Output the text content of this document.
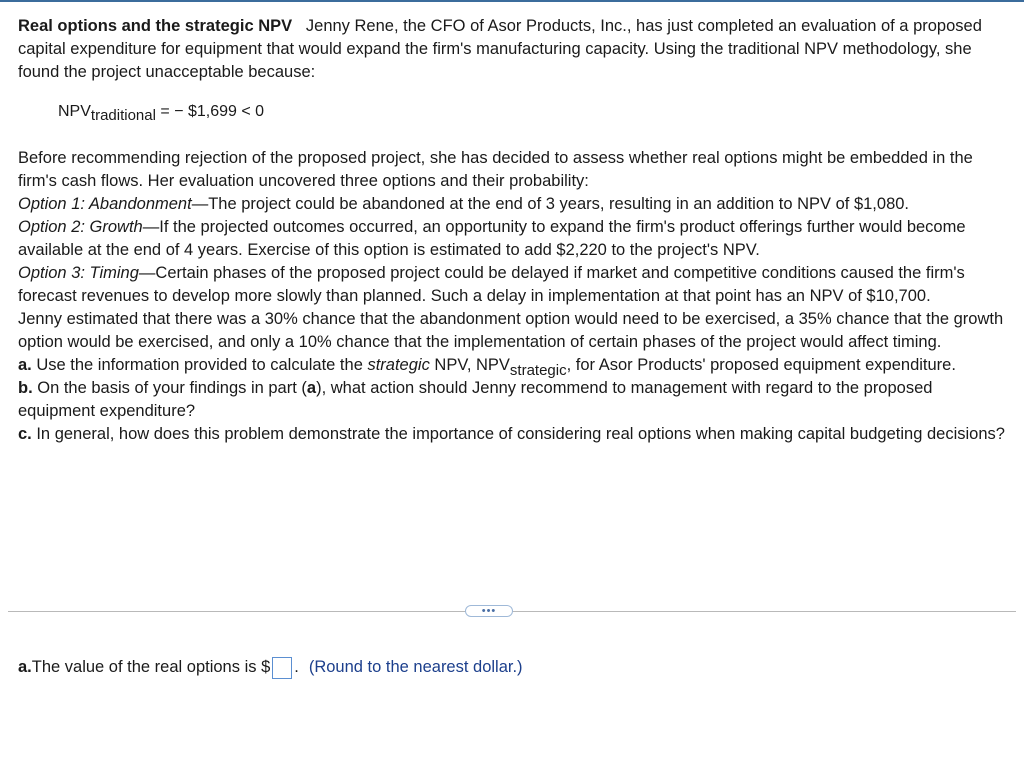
Real options and the strategic NPV Jenny Rene, the CFO of Asor Products, Inc., has just completed an evaluation of a proposed capital expenditure for equipment that would expand the firm's manufacturing capacity. Using the traditional NPV methodology, she found the project unacceptable because:

NPVtraditional = − $1,699 < 0

Before recommending rejection of the proposed project, she has decided to assess whether real options might be embedded in the firm's cash flows. Her evaluation uncovered three options and their probability:

Option 1: Abandonment—The project could be abandoned at the end of 3 years, resulting in an addition to NPV of $1,080.

Option 2: Growth—If the projected outcomes occurred, an opportunity to expand the firm's product offerings further would become available at the end of 4 years. Exercise of this option is estimated to add $2,220 to the project's NPV.

Option 3: Timing—Certain phases of the proposed project could be delayed if market and competitive conditions caused the firm's forecast revenues to develop more slowly than planned. Such a delay in implementation at that point has an NPV of $10,700.

Jenny estimated that there was a 30% chance that the abandonment option would need to be exercised, a 35% chance that the growth option would be exercised, and only a 10% chance that the implementation of certain phases of the project would affect timing.

a. Use the information provided to calculate the strategic NPV, NPVstrategic, for Asor Products' proposed equipment expenditure.

b. On the basis of your findings in part (a), what action should Jenny recommend to management with regard to the proposed equipment expenditure?

c. In general, how does this problem demonstrate the importance of considering real options when making capital budgeting decisions?

•••
a. The value of the real options is $ . (Round to the nearest dollar.)
